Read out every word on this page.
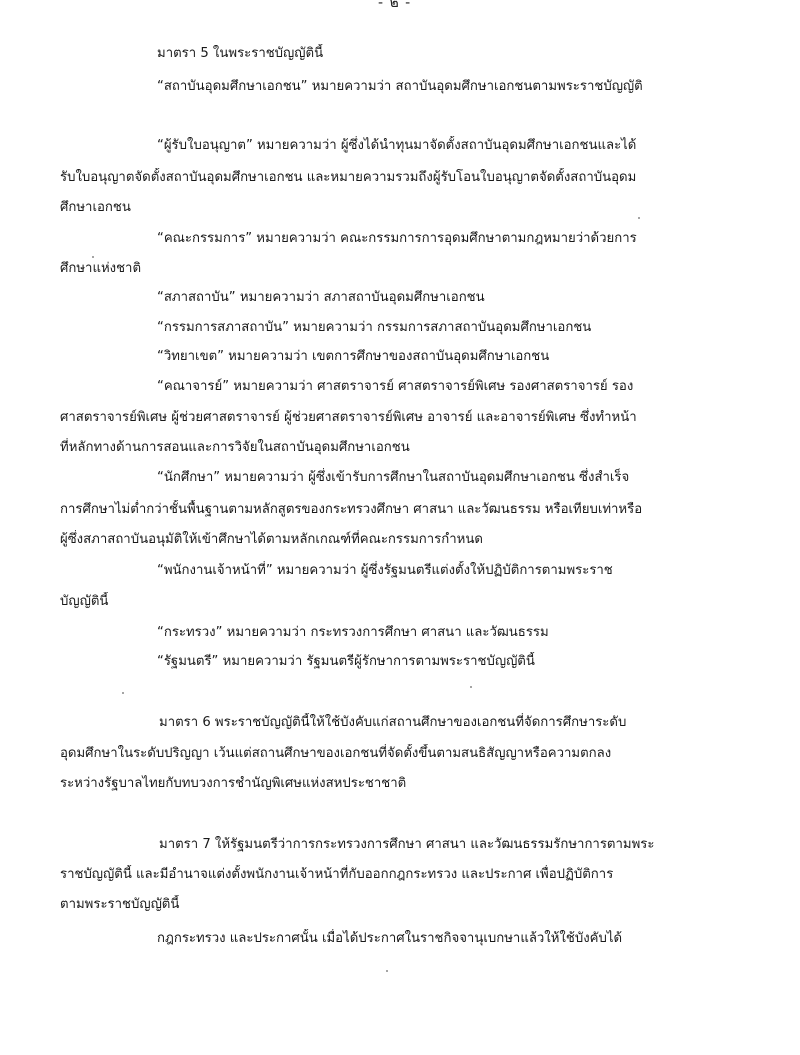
- ๒ -
มาตรา 5 ในพระราชบัญญัตินี้
“สถาบันอุดมศึกษาเอกชน” หมายความว่า สถาบันอุดมศึกษาเอกชนตามพระราชบัญญัติ
“ผู้รับใบอนุญาต” หมายความว่า ผู้ซึ่งได้นำทุนมาจัดตั้งสถาบันอุดมศึกษาเอกชนและได้
รับใบอนุญาตจัดตั้งสถาบันอุดมศึกษาเอกชน และหมายความรวมถึงผู้รับโอนใบอนุญาตจัดตั้งสถาบันอุดม
ศึกษาเอกชน
“คณะกรรมการ” หมายความว่า คณะกรรมการการอุดมศึกษาตามกฎหมายว่าด้วยการ
ศึกษาแห่งชาติ
“สภาสถาบัน” หมายความว่า สภาสถาบันอุดมศึกษาเอกชน
“กรรมการสภาสถาบัน” หมายความว่า กรรมการสภาสถาบันอุดมศึกษาเอกชน
“วิทยาเขต” หมายความว่า เขตการศึกษาของสถาบันอุดมศึกษาเอกชน
“คณาจารย์” หมายความว่า ศาสตราจารย์ ศาสตราจารย์พิเศษ รองศาสตราจารย์ รอง
ศาสตราจารย์พิเศษ ผู้ช่วยศาสตราจารย์ ผู้ช่วยศาสตราจารย์พิเศษ อาจารย์ และอาจารย์พิเศษ ซึ่งทำหน้า
ที่หลักทางด้านการสอนและการวิจัยในสถาบันอุดมศึกษาเอกชน
“นักศึกษา” หมายความว่า ผู้ซึ่งเข้ารับการศึกษาในสถาบันอุดมศึกษาเอกชน ซึ่งสำเร็จ
การศึกษาไม่ต่ำกว่าชั้นพื้นฐานตามหลักสูตรของกระทรวงศึกษา ศาสนา และวัฒนธรรม หรือเทียบเท่าหรือ
ผู้ซึ่งสภาสถาบันอนุมัติให้เข้าศึกษาได้ตามหลักเกณฑ์ที่คณะกรรมการกำหนด
“พนักงานเจ้าหน้าที่” หมายความว่า ผู้ซึ่งรัฐมนตรีแต่งตั้งให้ปฏิบัติการตามพระราช
บัญญัตินี้
“กระทรวง” หมายความว่า กระทรวงการศึกษา ศาสนา และวัฒนธรรม
“รัฐมนตรี” หมายความว่า รัฐมนตรีผู้รักษาการตามพระราชบัญญัตินี้
มาตรา 6 พระราชบัญญัตินี้ให้ใช้บังคับแก่สถานศึกษาของเอกชนที่จัดการศึกษาระดับ
อุดมศึกษาในระดับปริญญา เว้นแต่สถานศึกษาของเอกชนที่จัดตั้งขึ้นตามสนธิสัญญาหรือความตกลง
ระหว่างรัฐบาลไทยกับทบวงการชำนัญพิเศษแห่งสหประชาชาติ
มาตรา 7 ให้รัฐมนตรีว่าการกระทรวงการศึกษา ศาสนา และวัฒนธรรมรักษาการตามพระ
ราชบัญญัตินี้ และมีอำนาจแต่งตั้งพนักงานเจ้าหน้าที่กับออกกฎกระทรวง และประกาศ เพื่อปฏิบัติการ
ตามพระราชบัญญัตินี้
กฎกระทรวง และประกาศนั้น เมื่อได้ประกาศในราชกิจจานุเบกษาแล้วให้ใช้บังคับได้
